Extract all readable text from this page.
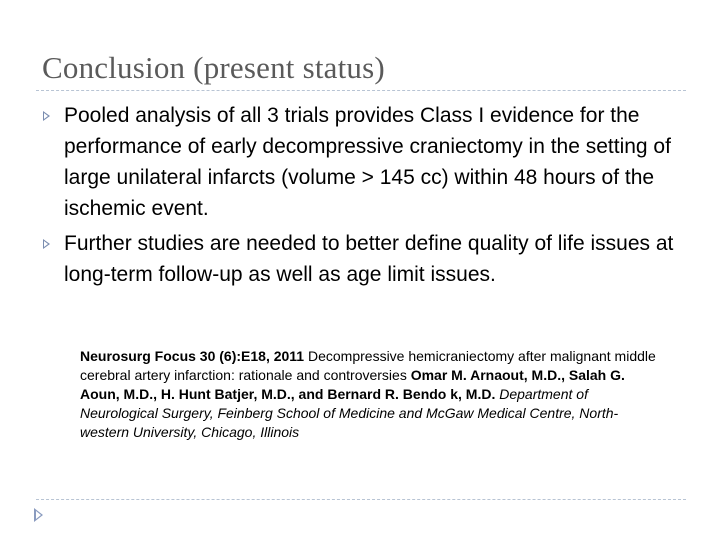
Conclusion (present status)
Pooled analysis of all 3 trials provides Class I evidence for the performance of early decompressive craniectomy in the setting of large unilateral infarcts (volume > 145 cc) within 48 hours of the ischemic event.
Further studies are needed to better define quality of life issues at long-term follow-up as well as age limit issues.
Neurosurg Focus 30 (6):E18, 2011 Decompressive hemicraniectomy after malignant middle cerebral artery infarction: rationale and controversies Omar M. Arnaout, M.D., Salah G. Aoun, M.D., H. Hunt Batjer, M.D., and Bernard R. Bendo k, M.D. Department of Neurological Surgery, Feinberg School of Medicine and McGaw Medical Centre, North-western University, Chicago, Illinois
